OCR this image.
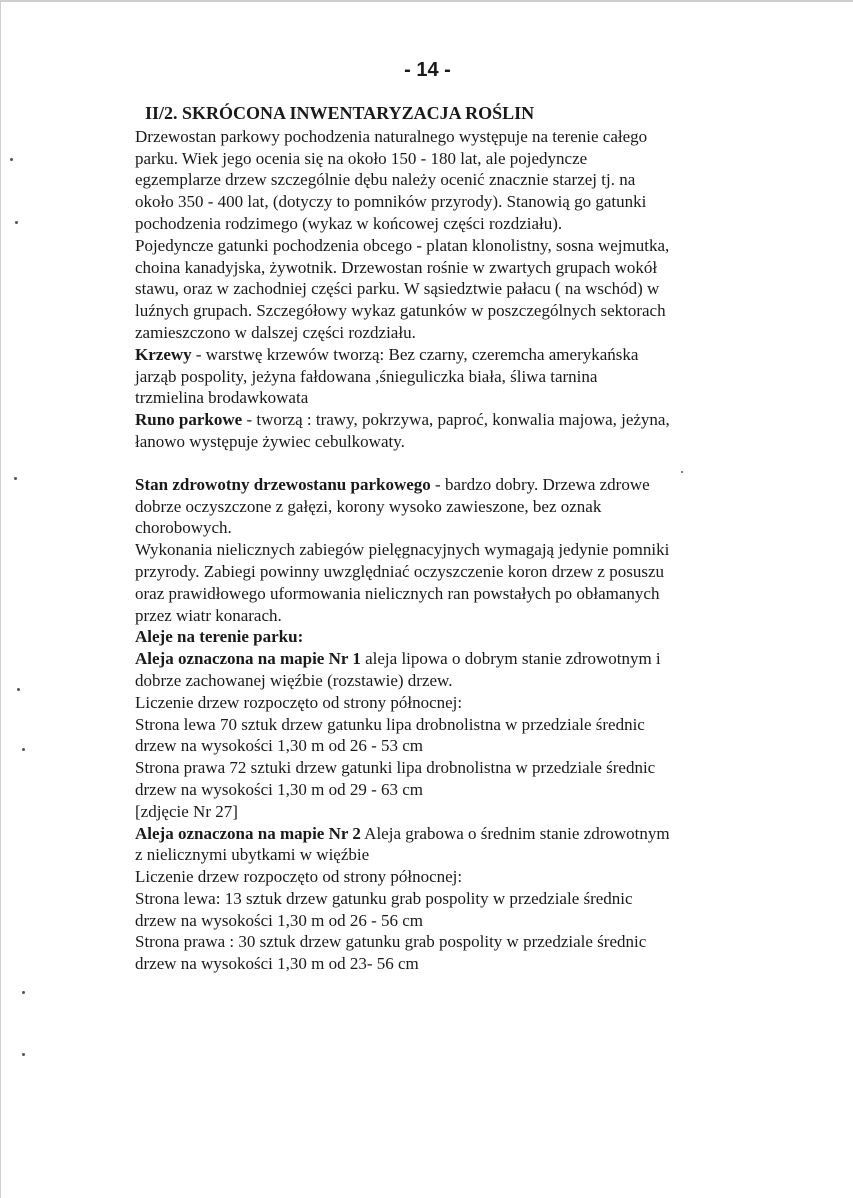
- 14 -
II/2. SKRÓCONA INWENTARYZACJA ROŚLIN
Drzewostan parkowy pochodzenia naturalnego występuje na terenie całego
parku. Wiek jego ocenia się na około 150 - 180 lat, ale pojedyncze
egzemplarze drzew szczególnie dębu należy ocenić znacznie starzej tj. na
około 350 - 400 lat, (dotyczy to pomników przyrody). Stanowią go gatunki
pochodzenia rodzimego (wykaz w końcowej części rozdziału).
Pojedyncze gatunki pochodzenia obcego - platan klonolistny, sosna wejmutka,
choina kanadyjska, żywotnik. Drzewostan rośnie w zwartych grupach wokół
stawu, oraz w zachodniej części parku. W sąsiedztwie pałacu ( na wschód) w
luźnych grupach. Szczegółowy wykaz gatunków w poszczególnych sektorach
zamieszczono w dalszej części rozdziału.
Krzewy - warstwę krzewów tworzą: Bez czarny, czeremcha amerykańska
jarząb pospolity, jeżyna fałdowana ,śnieguliczka biała, śliwa tarnina
trzmielina brodawkowata
Runo parkowe - tworzą : trawy, pokrzywa, paproć, konwalia majowa, jeżyna,
łanowo występuje żywiec cebulkowaty.
Stan zdrowotny drzewostanu parkowego - bardzo dobry. Drzewa zdrowe
dobrze oczyszczone z gałęzi, korony wysoko zawieszone, bez oznak
chorobowych.
Wykonania nielicznych zabiegów pielęgnacyjnych wymagają jedynie pomniki
przyrody. Zabiegi powinny uwzględniać oczyszczenie koron drzew z posuszu
oraz prawidłowego uformowania nielicznych ran powstałych po obłamanych
przez wiatr konarach.
Aleje na terenie parku:
Aleja oznaczona na mapie Nr 1 aleja lipowa o dobrym stanie zdrowotnym i
dobrze zachowanej więźbie (rozstawie) drzew.
Liczenie drzew rozpoczęto od strony północnej:
Strona lewa 70 sztuk drzew gatunku lipa drobnolistna w przedziale średnic
drzew na wysokości 1,30 m od 26 - 53 cm
Strona prawa 72 sztuki drzew gatunki lipa drobnolistna w przedziale średnic
drzew na wysokości 1,30 m od 29 - 63 cm
[zdjęcie Nr 27]
Aleja oznaczona na mapie Nr 2 Aleja grabowa o średnim stanie zdrowotnym
z nielicznymi ubytkami w więźbie
Liczenie drzew rozpoczęto od strony północnej:
Strona lewa: 13 sztuk drzew gatunku grab pospolity w przedziale średnic
drzew na wysokości 1,30 m od 26 - 56 cm
Strona prawa : 30 sztuk drzew gatunku grab pospolity w przedziale średnic
drzew na wysokości 1,30 m od 23- 56 cm
